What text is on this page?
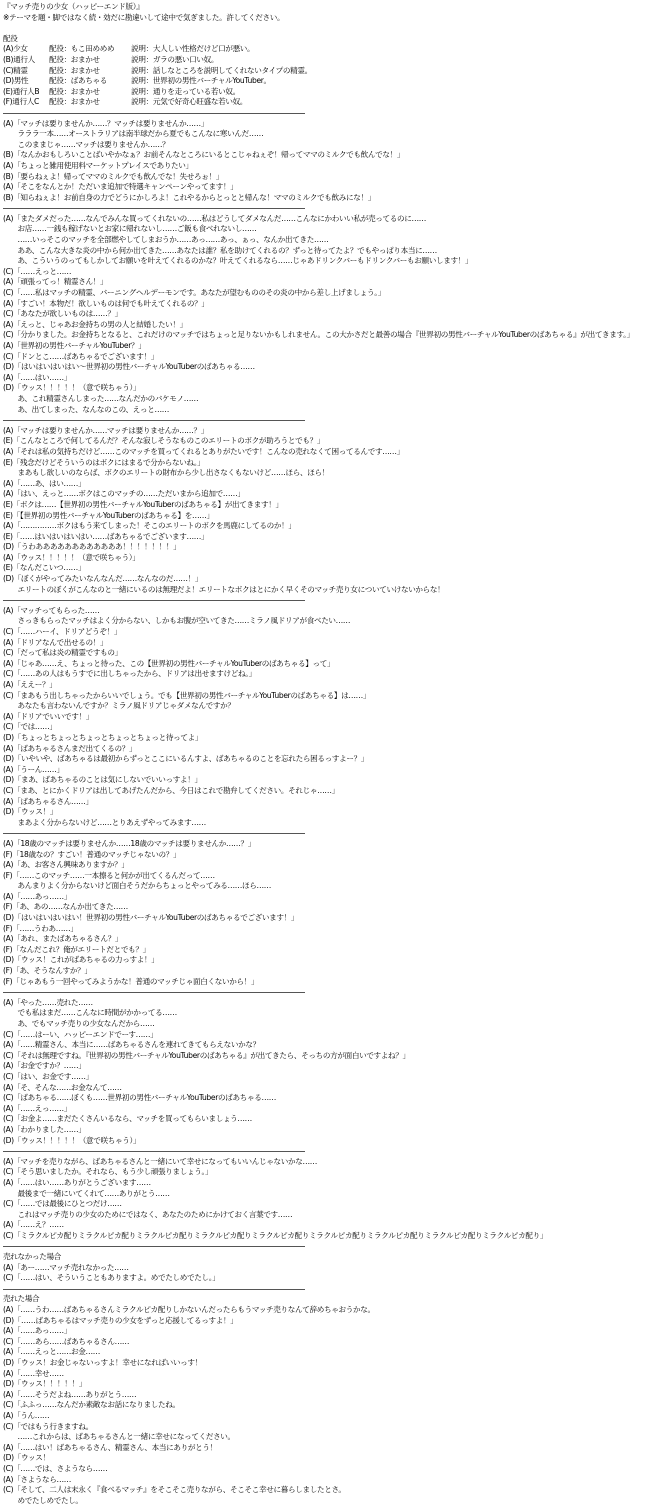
『マッチ売りの少女（ハッピーエンド版）』
※テーマを題・脚ではなく続・効だに勘違いして途中で気ぎました。許してください。
配役
(A)少女	配役：もこ田めめめ 説明：大人しい性格だけど口が悪い。
(B)通行人 配役：おまかせ	説明：ガラの悪い口い奴。
(C)精霊	配役：おまかせ	説明：話しなところを説明してくれないタイプの精霊。
(D)男性	配役：ばあちゃる	説明：世界初の男性バーチャルYouTuber。
(E)通行人B 配役：おまかせ	説明：通りを走っている若い奴。
(F)通行人C 配役：おまかせ	説明：元気で好奇心旺盛な若い奴。
(A)「マッチは要りませんか……？マッチは要りませんか……」
　　ラララ一本……オーストラリアは南半球だから夏でもこんなに寒いんだ……
　　このままじゃ……マッチは要りませんか……？
(B)「なんかおもしろいことばいやかなぁ？お前そんなところにいるとこじゃねぇぞ！帰ってママのミルクでも飲んでな！」
(A)「ちょっと雑用使用料マーケットプレイスでありたい」
(B)「要らねぇよ！帰ってママのミルクでも飲んでな！失せろぉ！」
(A)「そこをなんとか！ただいま追加で特選キャンペーンやってます！」
(B)「知らねぇよ！お前自身の力でどうにかしろよ！これやるからとっとと帰んな！ママのミルクでも飲みにな！」
(A)「またダメだった……なんでみんな買ってくれないの……私はどうしてダメなんだ……こんなにかわいい私が売ってるのに……
　　お店……一銭も稼げないとお家に帰れないし……ご飯も食べれないし……
　　……いっそこのマッチを全部燃やしてしまおうか……あっ……あっ、ぁっ、なんか出てきた……
　　ああ、こんな大きな炎の中から何か出てきた……あなたは誰？私を助けてくれるの？ずっと待ってたよ？でもやっぱり本当に……
　　あ、こういうのってもしかしてお願いを叶えてくれるのかな？叶えてくれるなら……じゃあドリンクバーもドリンクバーもお願いします！」
(C)「……えっと……
(A)「頑張ってっ！精霊さん！」
(C)「……私はマッチの精霊、バーニングヘルデーモンです。あなたが望むもののその炎の中から差し上げましょう。」
(A)「すごい！本物だ！欲しいものは何でも叶えてくれるの？」
(C)「あなたが欲しいものは……？」
(A)「えっと、じゃあお金持ちの男の人と結婚したい！」
(C)「分かりました。お金持ちとなると、これだけのマッチではちょっと足りないかもしれません。この大かさだと最善の場合『世界初の男性バーチャルYouTuberのばあちゃる』が出てきます。」
(A)「世界初の男性バーチャルYouTuber？」
(C)「ドンとこ……ばあちゃるでございます！」
(D)「はいはいはいはい～世界初の男性バーチャルYouTuberのばあちゃる……
(A)「……はい……」
(D)「ウッス！！！！！（意で咲ちゃう）」
　　あ、これ精霊さんしまった……なんだかのバケモノ……
　　あ、出てしまった、なんなのこの、えっと……
(A)「マッチは要りませんか……マッチは要りませんか……？」
(E)「こんなところで何してるんだ？そんな寂しそうなものこのエリートのボクが助ろうとでも？」
(A)「それは私の気持ちだけど……このマッチを買ってくれるとありがたいです！こんなの売れなくて困ってるんです……」
(E)「残念だけどそういうのはボクにはまるで分からないね。」
　　まあもし欲しいのならば、ボクのエリートの財布から少し出さなくもないけど……ほら、ほら！
(A)「……あ、はい……」
(A)「はい、えっと……ボクはこのマッチの……ただいまから追加で……」
(E)「ボクは……【世界初の男性バーチャルYouTuberのばあちゃる】が出てきます！」
(E)「【世界初の男性バーチャルYouTuberのばあちゃる】を……」
(A)「……………ボクはもう来てしまった！そこのエリートのボクを馬鹿にしてるのか！」
(E)「……はいはいはいはい……ばあちゃるでございます……」
(D)「うわああああああああああああ！！！！！！！」
(A)「ウッス！！！！！（意で咲ちゃう）」
(E)「なんだこいつ……」
(D)「ぼくがやってみたいなんなんだ……なんなのだ……！」
　　エリートのぼくがこんなのと一緒にいるのは無理だよ！エリートなボクはとにかく早くそのマッチ売り女についていけないからな！
(A)「マッチってもらった……
　　さっきもらったマッチはよく分からない、しかもお腹が空いてきた……ミラノ風ドリアが食べたい……
(C)「……ハーイ、ドリアどうぞ！」
(A)「ドリアなんで出せるの！」
(C)「だって私は炎の精霊ですもの」
(A)「じゃあ……え、ちょっと待った、この【世界初の男性バーチャルYouTuberのばあちゃる】って」
(C)「……あの人はもうすでに出しちゃったから、ドリアは出せますけどね。」
(A)「ええー？」
(C)「まあもう出しちゃったからいいでしょう。でも【世界初の男性バーチャルYouTuberのばあちゃる】は……」
　　あなたも言わないんですか？ミラノ風ドリアじゃダメなんですか？
(A)「ドリアでいいです！」
(C)「では……」
(D)「ちょっとちょっとちょっとちょっとちょっと待ってよ」
(A)「ばあちゃるさんまだ出てくるの？」
(D)「いやいや、ばあちゃるは最初からずっとここにいるんすよ、ばあちゃるのことを忘れたら困るっすよー？」
(A)「うーん……」
(D)「まあ、ばあちゃるのことは気にしないでいいっすよ！」
(C)「まあ、とにかくドリアは出してあげたんだから、今日はこれで勘弁してください。それじゃ……」
(A)「ばあちゃるさん……」
(D)「ウッス！」
　　まあよく分からないけど……とりあえずやってみます……
(A)「18歳のマッチは要りませんか……18歳のマッチは要りませんか……？」
(F)「18歳なの？すごい！普通のマッチじゃないの？」
(A)「あ、お客さん興味ありますか？」
(F)「……このマッチ……一本擦ると何かが出てくるんだって……
　　あんまりよく分からないけど面白そうだからちょっとやってみる……ほら……
(A)「……あっ……」
(F)「あ、あの……なんか出てきた……
(D)「はいはいはいはい！世界初の男性バーチャルYouTuberのばあちゃるでございます！」
(F)「……うわあ……」
(A)「あれ、またばあちゃるさん？」
(F)「なんだこれ？俺がエリートだとでも？」
(D)「ウッス！これがばあちゃるの力っすよ！」
(F)「あ、そうなんすか？」
(F)「じゃあもう一回やってみようかな！普通のマッチじゃ面白くないから！」
(A)「やった……売れた……
　　でも私はまだ……こんなに時間がかかってる……
　　あ、でもマッチ売りの少女なんだから……
(C)「……はーい、ハッピーエンドでーす……」
(A)「……精霊さん、本当に……ばあちゃるさんを連れてきてもらえないかな？
(C)「それは無理ですね。『世界初の男性バーチャルYouTuberのばあちゃる』が出てきたら、そっちの方が面白いですよね？」
(A)「お金ですか？……」
(C)「はい、お金です……」
(A)「そ、そんな……お金なんて……
(C)「ばあちゃる……ぼくも……世界初の男性バーチャルYouTuberのばあちゃる……
(A)「……えっ……」
(C)「お金よ……まだたくさんいるなら、マッチを買ってもらいましょう……
(A)「わかりました……」
(D)「ウッス！！！！！（意で咲ちゃう）」
(A)「マッチを売りながら、ばあちゃるさんと一緒にいて幸せになってもいいんじゃないかな……
(C)「そう思いましたか。それなら、もう少し頑張りましょう。」
(A)「……はい……ありがとうございます……
　　最後まで一緒にいてくれて……ありがとう……
(C)「……では最後にひとつだけ……
　　これはマッチ売りの少女のためにではなく、あなたのためにかけておく言葉です……
(A)「……え？……
(C)「ミラクルピカ配りミラクルピカ配りミラクルピカ配りミラクルピカ配りミラクルピカ配りミラクルピカ配りミラクルピカ配りミラクルピカ配りミラクルピカ配り」
売れなかった場合
(A)「あー……マッチ売れなかった……
(C)「……はい、そういうこともありますよ。めでたしめでたし。」
売れた場合
(A)「……うわ……ばあちゃるさんミラクルピカ配りしかないんだったらもうマッチ売りなんて辞めちゃおうかな。
(D)「……ばあちゃるはマッチ売りの少女をずっと応援してるっすよ！」
(A)「……あっ……」
(C)「……あら……ばあちゃるさん……
(A)「……えっと……お金……
(D)「ウッス！お金じゃないっすよ！幸せになればいいっす！
(A)「……幸せ……
(D)「ウッス！！！！！」
(A)「……そうだよね……ありがとう……
(C)「ふふっ……なんだか素敵なお話になりましたね。
(A)「うん……
(C)「ではもう行きますね。
　　……これからは、ばあちゃるさんと一緒に幸せになってください。
(A)「……はい！ばあちゃるさん、精霊さん、本当にありがとう！
(D)「ウッス！
(C)「……では、さようなら……
(A)「さようなら……
(C)「そして、二人は末永く『食べるマッチ』をそこそこ売りながら、そこそこ幸せに暮らしましたとさ。
　　めでたしめでたし。
